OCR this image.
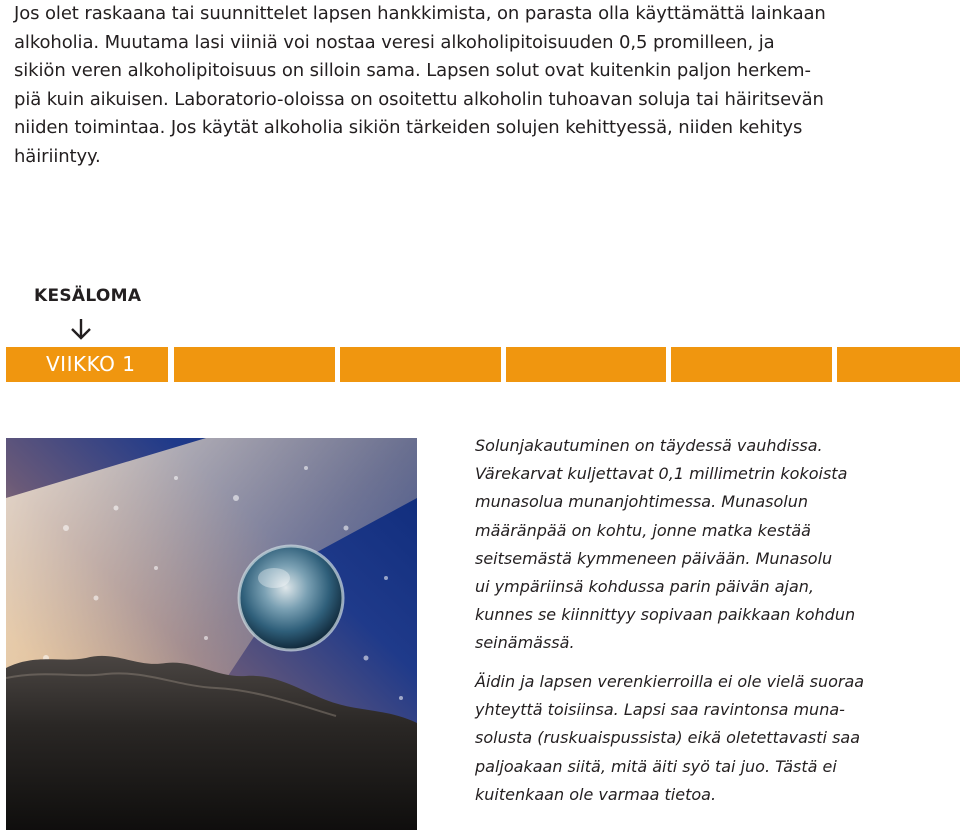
Jos olet raskaana tai suunnittelet lapsen hankkimista, on parasta olla käyttämättä lainkaan
alkoholia. Muutama lasi viiniä voi nostaa veresi alkoholipitoisuuden 0,5 promilleen, ja
sikiön veren alkoholipitoisuus on silloin sama. Lapsen solut ovat kuitenkin paljon herkem-
piä kuin aikuisen. Laboratorio-oloissa on osoitettu alkoholin tuhoavan soluja tai häiritsevän
niiden toimintaa. Jos käytät alkoholia sikiön tärkeiden solujen kehittyessä, niiden kehitys
häiriintyy.
KESÄLOMA
VIIKKO 1
Solunjakautuminen on täydessä vauhdissa.
Värekarvat kuljettavat 0,1 millimetrin kokoista
munasolua munanjohtimessa. Munasolun
määränpää on kohtu, jonne matka kestää
seitsemästä kymmeneen päivään. Munasolu
ui ympäriinsä kohdussa parin päivän ajan,
kunnes se kiinnittyy sopivaan paikkaan kohdun
seinämässä.
Äidin ja lapsen verenkierroilla ei ole vielä suoraa
yhteyttä toisiinsa. Lapsi saa ravintonsa muna-
solusta (ruskuaispussista) eikä oletettavasti saa
paljoakaan siitä, mitä äiti syö tai juo. Tästä ei
kuitenkaan ole varmaa tietoa.
